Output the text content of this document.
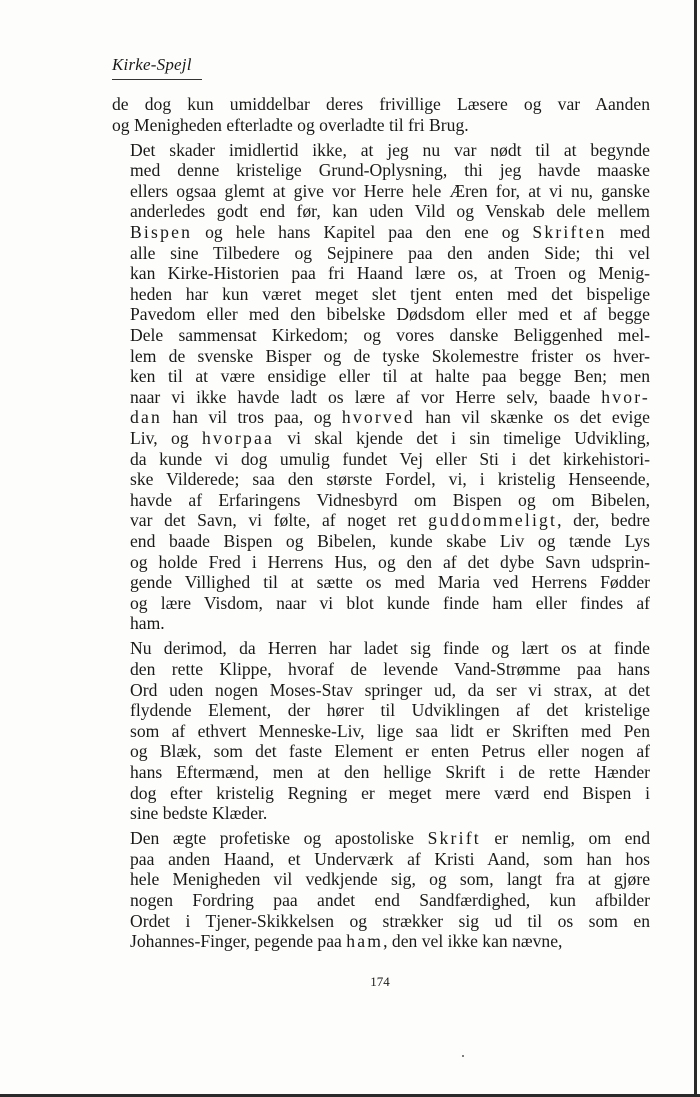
Kirke-Spejl

de dog kun umiddelbar deres frivillige Læsere og var Aanden
og Menigheden efterladte og overladte til fri Brug.

Det skader imidlertid ikke, at jeg nu var nødt til at begynde
med denne kristelige Grund-Oplysning, thi jeg havde maaske
ellers ogsaa glemt at give vor Herre hele Æren for, at vi nu, ganske
anderledes godt end før, kan uden Vild og Venskab dele mellem
Bispen og hele hans Kapitel paa den ene og Skriften med
alle sine Tilbedere og Sejpinere paa den anden Side; thi vel
kan Kirke-Historien paa fri Haand lære os, at Troen og Menig-
heden har kun været meget slet tjent enten med det bispelige
Pavedom eller med den bibelske Dødsdom eller med et af begge
Dele sammensat Kirkedom; og vores danske Beliggenhed mel-
lem de svenske Bisper og de tyske Skolemestre frister os hver-
ken til at være ensidige eller til at halte paa begge Ben; men
naar vi ikke havde ladt os lære af vor Herre selv, baade hvor-
dan han vil tros paa, og hvorved han vil skænke os det evige
Liv, og hvorpaa vi skal kjende det i sin timelige Udvikling,
da kunde vi dog umulig fundet Vej eller Sti i det kirkehistori-
ske Vilderede; saa den største Fordel, vi, i kristelig Henseende,
havde af Erfaringens Vidnesbyrd om Bispen og om Bibelen,
var det Savn, vi følte, af noget ret guddommeligt, der, bedre
end baade Bispen og Bibelen, kunde skabe Liv og tænde Lys
og holde Fred i Herrens Hus, og den af det dybe Savn udsprin-
gende Villighed til at sætte os med Maria ved Herrens Fødder
og lære Visdom, naar vi blot kunde finde ham eller findes af
ham.

Nu derimod, da Herren har ladet sig finde og lært os at finde
den rette Klippe, hvoraf de levende Vand-Strømme paa hans
Ord uden nogen Moses-Stav springer ud, da ser vi strax, at det
flydende Element, der hører til Udviklingen af det kristelige
som af ethvert Menneske-Liv, lige saa lidt er Skriften med Pen
og Blæk, som det faste Element er enten Petrus eller nogen af
hans Eftermænd, men at den hellige Skrift i de rette Hænder
dog efter kristelig Regning er meget mere værd end Bispen i
sine bedste Klæder.

Den ægte profetiske og apostoliske Skrift er nemlig, om end
paa anden Haand, et Underværk af Kristi Aand, som han hos
hele Menigheden vil vedkjende sig, og som, langt fra at gjøre
nogen Fordring paa andet end Sandfærdighed, kun afbilder
Ordet i Tjener-Skikkelsen og strækker sig ud til os som en
Johannes-Finger, pegende paa ham, den vel ikke kan nævne,

174
